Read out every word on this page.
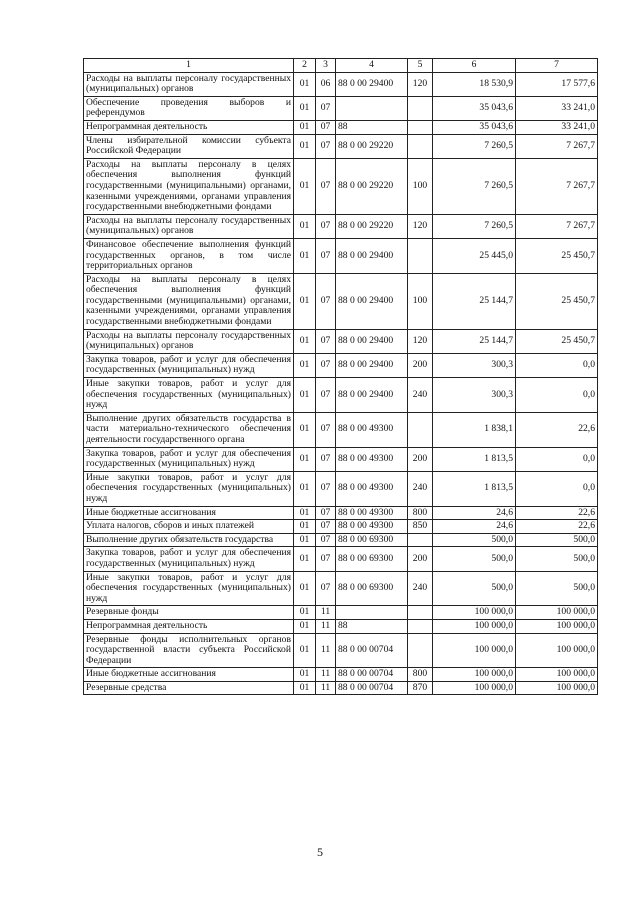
1	2	3	4	5	6	7
Расходы на выплаты персоналу государственных (муниципальных) органов	01	06	88 0 00 29400	120	18 530,9	17 577,6
Обеспечение проведения выборов и референдумов	01	07			35 043,6	33 241,0
Непрограммная деятельность	01	07	88		35 043,6	33 241,0
Члены избирательной комиссии субъекта Российской Федерации	01	07	88 0 00 29220		7 260,5	7 267,7
Расходы на выплаты персоналу в целях обеспечения выполнения функций государственными (муниципальными) органами, казенными учреждениями, органами управления государственными внебюджетными фондами	01	07	88 0 00 29220	100	7 260,5	7 267,7
Расходы на выплаты персоналу государственных (муниципальных) органов	01	07	88 0 00 29220	120	7 260,5	7 267,7
Финансовое обеспечение выполнения функций государственных органов, в том числе территориальных органов	01	07	88 0 00 29400		25 445,0	25 450,7
Расходы на выплаты персоналу в целях обеспечения выполнения функций государственными (муниципальными) органами, казенными учреждениями, органами управления государственными внебюджетными фондами	01	07	88 0 00 29400	100	25 144,7	25 450,7
Расходы на выплаты персоналу государственных (муниципальных) органов	01	07	88 0 00 29400	120	25 144,7	25 450,7
Закупка товаров, работ и услуг для обеспечения государственных (муниципальных) нужд	01	07	88 0 00 29400	200	300,3	0,0
Иные закупки товаров, работ и услуг для обеспечения государственных (муниципальных) нужд	01	07	88 0 00 29400	240	300,3	0,0
Выполнение других обязательств государства в части материально-технического обеспечения деятельности государственного органа	01	07	88 0 00 49300		1 838,1	22,6
Закупка товаров, работ и услуг для обеспечения государственных (муниципальных) нужд	01	07	88 0 00 49300	200	1 813,5	0,0
Иные закупки товаров, работ и услуг для обеспечения государственных (муниципальных) нужд	01	07	88 0 00 49300	240	1 813,5	0,0
Иные бюджетные ассигнования	01	07	88 0 00 49300	800	24,6	22,6
Уплата налогов, сборов и иных платежей	01	07	88 0 00 49300	850	24,6	22,6
Выполнение других обязательств государства	01	07	88 0 00 69300		500,0	500,0
Закупка товаров, работ и услуг для обеспечения государственных (муниципальных) нужд	01	07	88 0 00 69300	200	500,0	500,0
Иные закупки товаров, работ и услуг для обеспечения государственных (муниципальных) нужд	01	07	88 0 00 69300	240	500,0	500,0
Резервные фонды	01	11			100 000,0	100 000,0
Непрограммная деятельность	01	11	88		100 000,0	100 000,0
Резервные фонды исполнительных органов государственной власти субъекта Российской Федерации	01	11	88 0 00 00704		100 000,0	100 000,0
Иные бюджетные ассигнования	01	11	88 0 00 00704	800	100 000,0	100 000,0
Резервные средства	01	11	88 0 00 00704	870	100 000,0	100 000,0
5
